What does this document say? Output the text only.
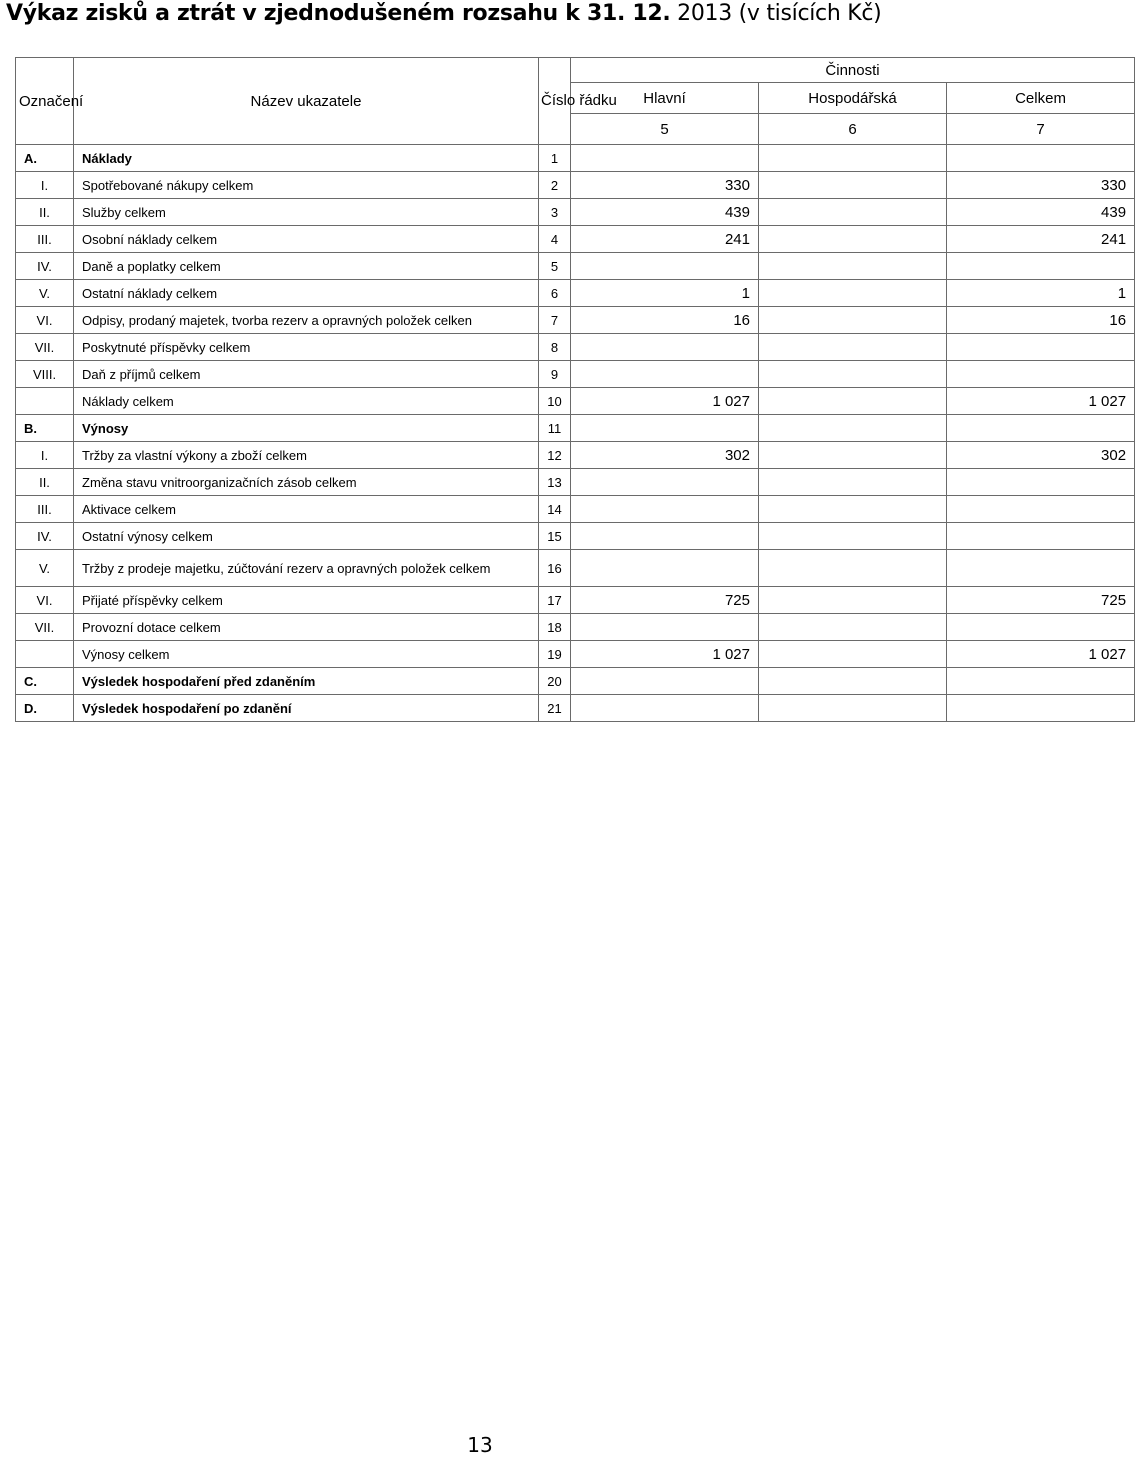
Výkaz zisků a ztrát v zjednodušeném rozsahu k 31. 12. 2013 (v tisících Kč)
Označení	Název ukazatele	Číslo řádku	Činnosti		
			Hlavní	Hospodářská	Celkem
			5	6	7
A.	Náklady	1			
I.	Spotřebované nákupy celkem	2	330		330
II.	Služby celkem	3	439		439
III.	Osobní náklady celkem	4	241		241
IV.	Daně a poplatky celkem	5			
V.	Ostatní náklady celkem	6	1		1
VI.	Odpisy, prodaný majetek, tvorba rezerv a opravných položek celken	7	16		16
VII.	Poskytnuté příspěvky celkem	8			
VIII.	Daň z příjmů celkem	9			
	Náklady celkem	10	1 027		1 027
B.	Výnosy	11			
I.	Tržby za vlastní výkony a zboží celkem	12	302		302
II.	Změna stavu vnitroorganizačních zásob celkem	13			
III.	Aktivace celkem	14			
IV.	Ostatní výnosy celkem	15			
V.	Tržby z prodeje majetku, zúčtování rezerv a opravných položek celkem	16			
VI.	Přijaté příspěvky celkem	17	725		725
VII.	Provozní dotace celkem	18			
	Výnosy celkem	19	1 027		1 027
C.	Výsledek hospodaření před zdaněním	20			
D.	Výsledek hospodaření po zdanění	21			
13
